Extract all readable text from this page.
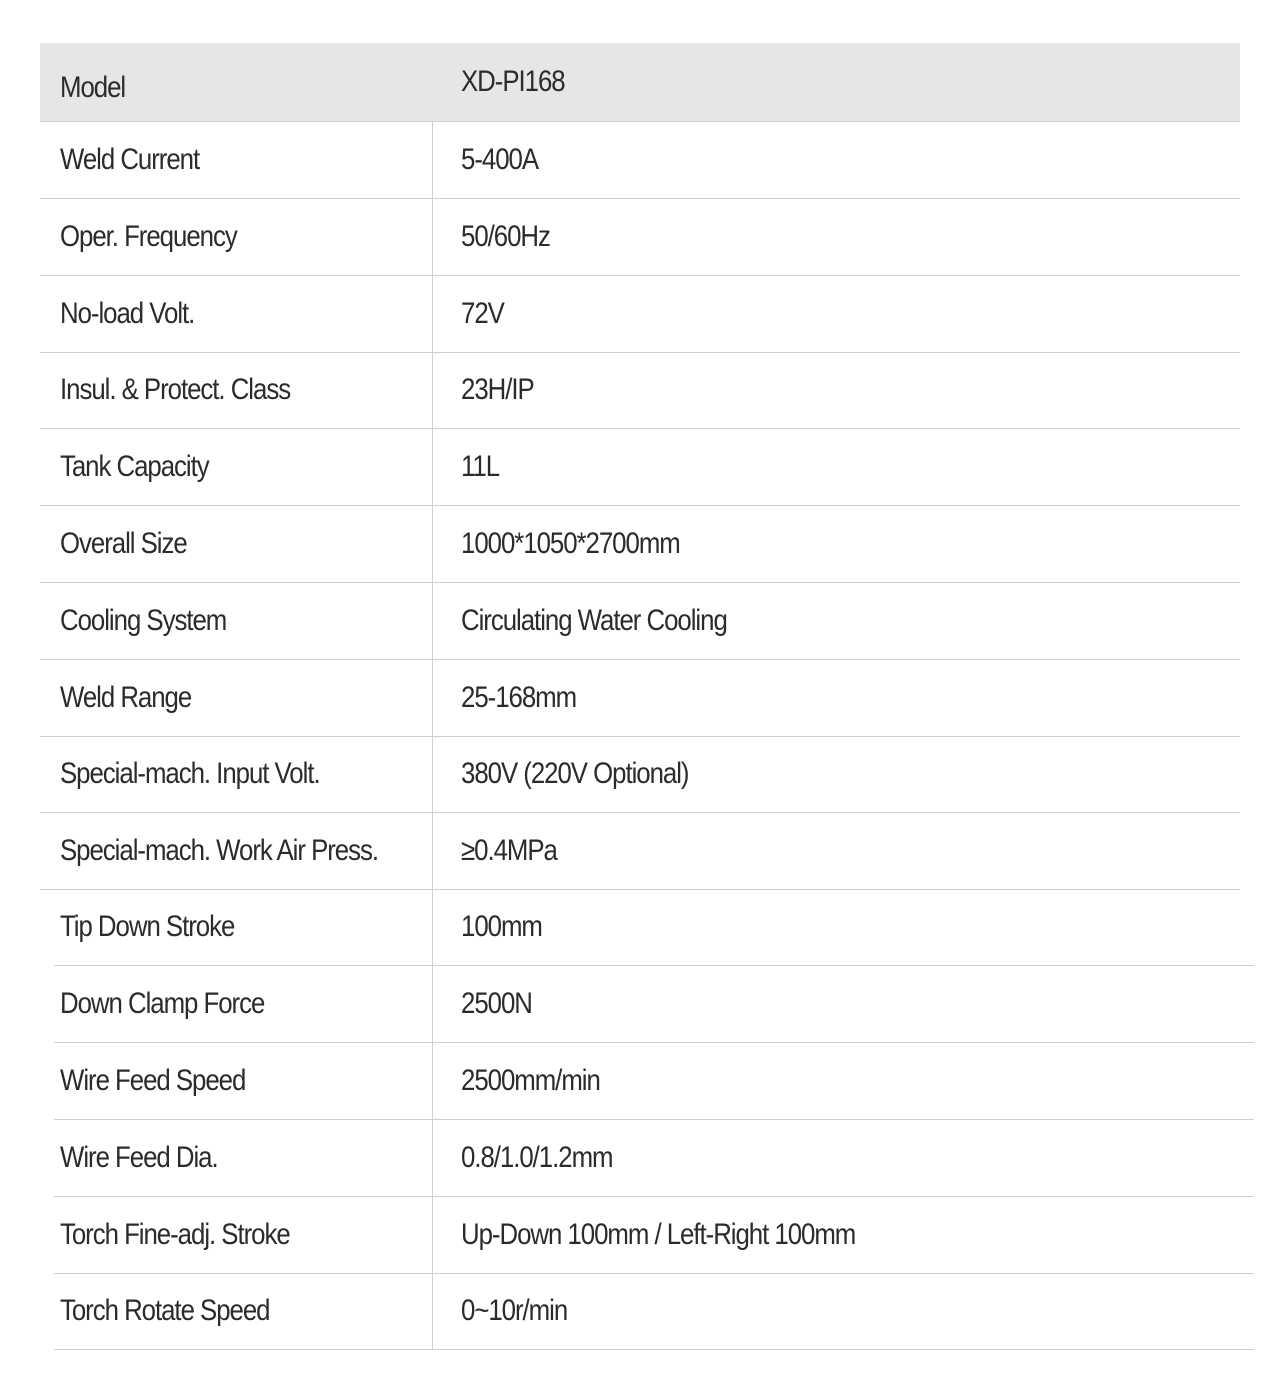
Model	XD-PI168
Weld Current	5-400A
Oper. Frequency	50/60Hz
No-load Volt.	72V
Insul. & Protect. Class	23H/IP
Tank Capacity	11L
Overall Size	1000*1050*2700mm
Cooling System	Circulating Water Cooling
Weld Range	25-168mm
Special-mach. Input Volt.	380V (220V Optional)
Special-mach. Work Air Press.	≥0.4MPa
Tip Down Stroke	100mm
Down Clamp Force	2500N
Wire Feed Speed	2500mm/min
Wire Feed Dia.	0.8/1.0/1.2mm
Torch Fine-adj. Stroke	Up-Down 100mm / Left-Right 100mm
Torch Rotate Speed	0~10r/min
